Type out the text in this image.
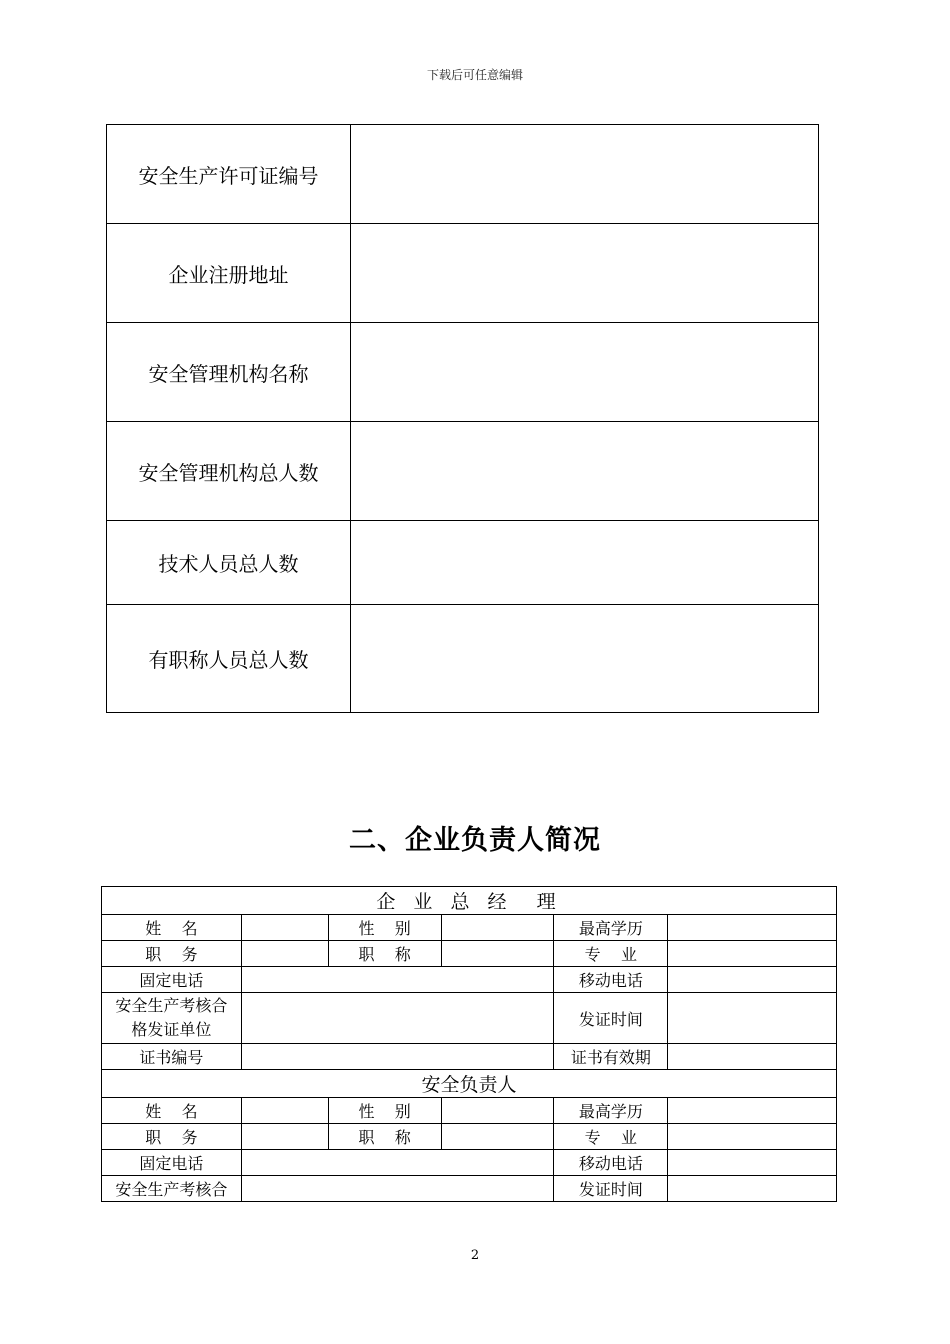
下载后可任意编辑
安全生产许可证编号	
企业注册地址	
安全管理机构名称	
安全管理机构总人数	
技术人员总人数	
有职称人员总人数	
二、企业负责人简况
企 业 总 经  理					
姓    名		性    别		最高学历	
职    务		职    称		专    业	
固定电话				移动电话	

安全生产考核合
格发证单位				发证时间	
证书编号				证书有效期	
安全负责人					
姓    名		性    别		最高学历	
职    务		职    称		专    业	
固定电话				移动电话	
安全生产考核合				发证时间	
2
